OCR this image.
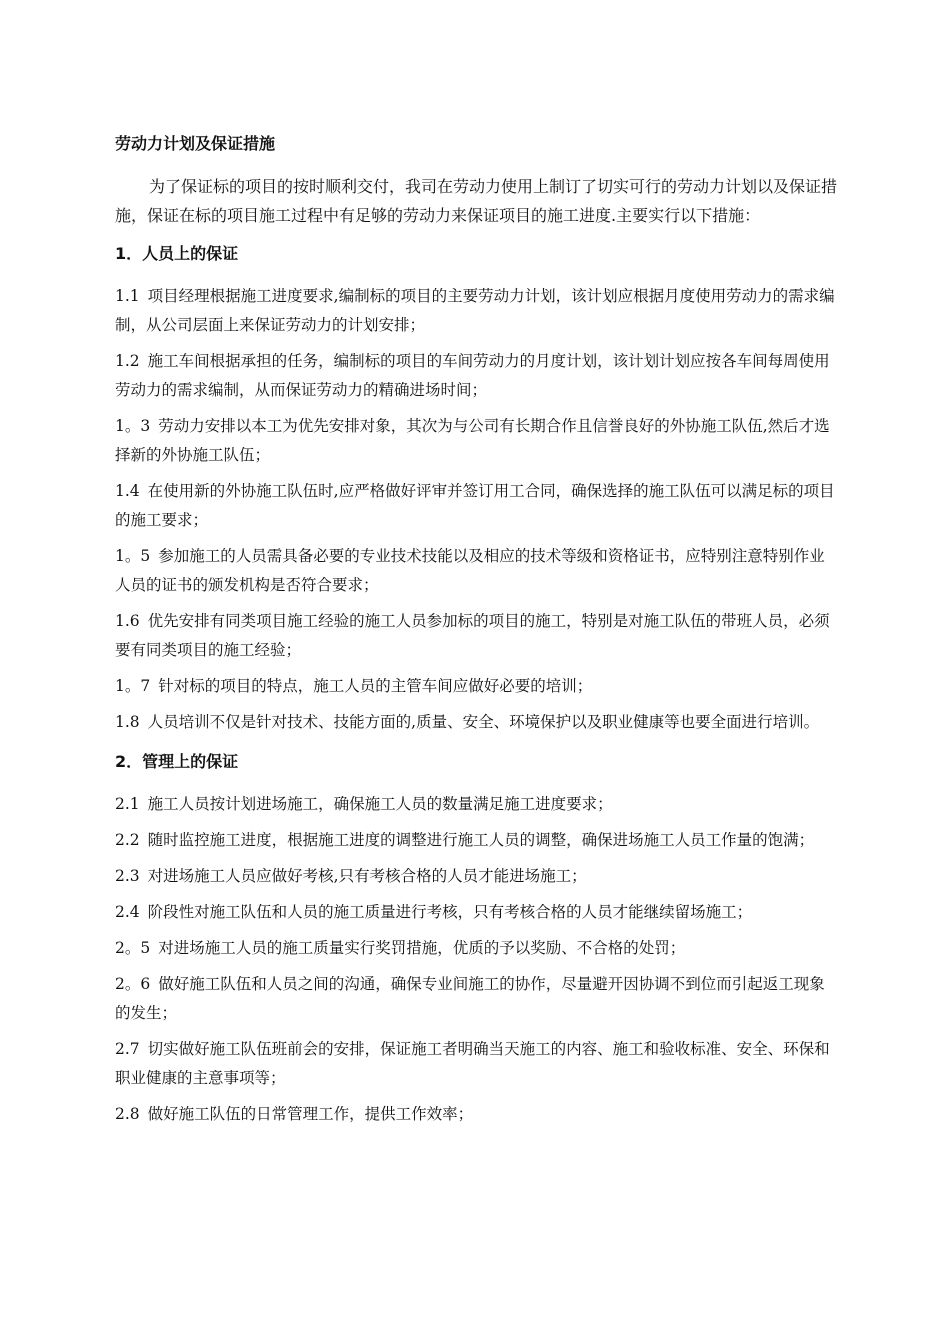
劳动力计划及保证措施

为了保证标的项目的按时顺利交付，我司在劳动力使用上制订了切实可行的劳动力计划以及保证措施，保证在标的项目施工过程中有足够的劳动力来保证项目的施工进度.主要实行以下措施：

1．人员上的保证

1.1 项目经理根据施工进度要求,编制标的项目的主要劳动力计划，该计划应根据月度使用劳动力的需求编制，从公司层面上来保证劳动力的计划安排；

1.2 施工车间根据承担的任务，编制标的项目的车间劳动力的月度计划，该计划计划应按各车间每周使用劳动力的需求编制，从而保证劳动力的精确进场时间；

1。3 劳动力安排以本工为优先安排对象，其次为与公司有长期合作且信誉良好的外协施工队伍,然后才选择新的外协施工队伍；

1.4 在使用新的外协施工队伍时,应严格做好评审并签订用工合同，确保选择的施工队伍可以满足标的项目的施工要求；

1。5 参加施工的人员需具备必要的专业技术技能以及相应的技术等级和资格证书，应特别注意特别作业人员的证书的颁发机构是否符合要求；

1.6 优先安排有同类项目施工经验的施工人员参加标的项目的施工，特别是对施工队伍的带班人员，必须要有同类项目的施工经验；

1。7 针对标的项目的特点，施工人员的主管车间应做好必要的培训；

1.8 人员培训不仅是针对技术、技能方面的,质量、安全、环境保护以及职业健康等也要全面进行培训。

2．管理上的保证

2.1 施工人员按计划进场施工，确保施工人员的数量满足施工进度要求；

2.2 随时监控施工进度，根据施工进度的调整进行施工人员的调整，确保进场施工人员工作量的饱满；

2.3 对进场施工人员应做好考核,只有考核合格的人员才能进场施工；

2.4 阶段性对施工队伍和人员的施工质量进行考核，只有考核合格的人员才能继续留场施工；

2。5 对进场施工人员的施工质量实行奖罚措施，优质的予以奖励、不合格的处罚；

2。6 做好施工队伍和人员之间的沟通，确保专业间施工的协作，尽量避开因协调不到位而引起返工现象的发生；

2.7 切实做好施工队伍班前会的安排，保证施工者明确当天施工的内容、施工和验收标准、安全、环保和职业健康的主意事项等；

2.8 做好施工队伍的日常管理工作，提供工作效率；
